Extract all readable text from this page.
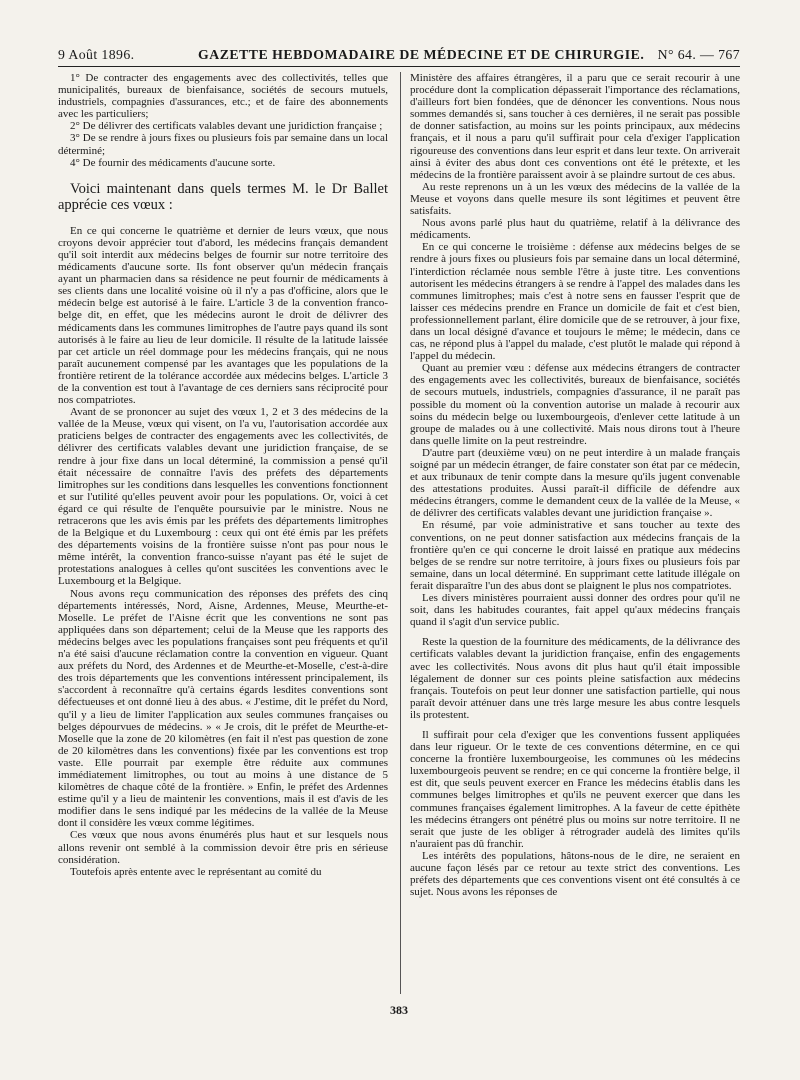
9 Août 1896.	GAZETTE HEBDOMADAIRE DE MÉDECINE ET DE CHIRURGIE. N° 64. — 767

1° De contracter des engagements avec des collectivités, telles que municipalités, bureaux de bienfaisance, sociétés de secours mutuels, industriels, compagnies d'assurances, etc.; et de faire des abonnements avec les particuliers;

2° De délivrer des certificats valables devant une juridiction française ;

3° De se rendre à jours fixes ou plusieurs fois par semaine dans un local déterminé;

4° De fournir des médicaments d'aucune sorte.

Voici maintenant dans quels termes M. le Dr Ballet apprécie ces vœux :

En ce qui concerne le quatrième et dernier de leurs vœux, que nous croyons devoir apprécier tout d'abord, les médecins français demandent qu'il soit interdit aux médecins belges de fournir sur notre territoire des médicaments d'aucune sorte. Ils font observer qu'un médecin français ayant un pharmacien dans sa résidence ne peut fournir de médicaments à ses clients dans une localité voisine où il n'y a pas d'officine, alors que le médecin belge est autorisé à le faire. L'article 3 de la convention franco-belge dit, en effet, que les médecins auront le droit de délivrer des médicaments dans les communes limitrophes de l'autre pays quand ils sont autorisés à le faire au lieu de leur domicile. Il résulte de la latitude laissée par cet article un réel dommage pour les médecins français, qui ne nous paraît aucunement compensé par les avantages que les populations de la frontière retirent de la tolérance accordée aux médecins belges. L'article 3 de la convention est tout à l'avantage de ces derniers sans réciprocité pour nos compatriotes.

Avant de se prononcer au sujet des vœux 1, 2 et 3 des médecins de la vallée de la Meuse, vœux qui visent, on l'a vu, l'autorisation accordée aux praticiens belges de contracter des engagements avec les collectivités, de délivrer des certificats valables devant une juridiction française, de se rendre à jour fixe dans un local déterminé, la commission a pensé qu'il était nécessaire de connaître l'avis des préfets des départements limitrophes sur les conditions dans lesquelles les conventions fonctionnent et sur l'utilité qu'elles peuvent avoir pour les populations. Or, voici à cet égard ce qui résulte de l'enquête poursuivie par le ministre. Nous ne retracerons que les avis émis par les préfets des départements limitrophes de la Belgique et du Luxembourg : ceux qui ont été émis par les préfets des départements voisins de la frontière suisse n'ont pas pour nous le même intérêt, la convention franco-suisse n'ayant pas été le sujet de protestations analogues à celles qu'ont suscitées les conventions avec le Luxembourg et la Belgique.

Nous avons reçu communication des réponses des préfets des cinq départements intéressés, Nord, Aisne, Ardennes, Meuse, Meurthe-et-Moselle. Le préfet de l'Aisne écrit que les conventions ne sont pas appliquées dans son département; celui de la Meuse que les rapports des médecins belges avec les populations françaises sont peu fréquents et qu'il n'a été saisi d'aucune réclamation contre la convention en vigueur. Quant aux préfets du Nord, des Ardennes et de Meurthe-et-Moselle, c'est-à-dire des trois départements que les conventions intéressent principalement, ils s'accordent à reconnaître qu'à certains égards lesdites conventions sont défectueuses et ont donné lieu à des abus. « J'estime, dit le préfet du Nord, qu'il y a lieu de limiter l'application aux seules communes françaises ou belges dépourvues de médecins. » « Je crois, dit le préfet de Meurthe-et-Moselle que la zone de 20 kilomètres (en fait il n'est pas question de zone de 20 kilomètres dans les conventions) fixée par les conventions est trop vaste. Elle pourrait par exemple être réduite aux communes immédiatement limitrophes, ou tout au moins à une distance de 5 kilomètres de chaque côté de la frontière. » Enfin, le préfet des Ardennes estime qu'il y a lieu de maintenir les conventions, mais il est d'avis de les modifier dans le sens indiqué par les médecins de la vallée de la Meuse dont il considère les vœux comme légitimes.

Ces vœux que nous avons énumérés plus haut et sur lesquels nous allons revenir ont semblé à la commission devoir être pris en sérieuse considération.

Toutefois après entente avec le représentant au comité du

Ministère des affaires étrangères, il a paru que ce serait recourir à une procédure dont la complication dépasserait l'importance des réclamations, d'ailleurs fort bien fondées, que de dénoncer les conventions. Nous nous sommes demandés si, sans toucher à ces dernières, il ne serait pas possible de donner satisfaction, au moins sur les points principaux, aux médecins français, et il nous a paru qu'il suffirait pour cela d'exiger l'application rigoureuse des conventions dans leur esprit et dans leur texte. On arriverait ainsi à éviter des abus dont ces conventions ont été le prétexte, et les médecins de la frontière paraissent avoir à se plaindre surtout de ces abus.

Au reste reprenons un à un les vœux des médecins de la vallée de la Meuse et voyons dans quelle mesure ils sont légitimes et peuvent être satisfaits.

Nous avons parlé plus haut du quatrième, relatif à la délivrance des médicaments.

En ce qui concerne le troisième : défense aux médecins belges de se rendre à jours fixes ou plusieurs fois par semaine dans un local déterminé, l'interdiction réclamée nous semble l'être à juste titre. Les conventions autorisent les médecins étrangers à se rendre à l'appel des malades dans les communes limitrophes; mais c'est à notre sens en fausser l'esprit que de laisser ces médecins prendre en France un domicile de fait et c'est bien, professionnellement parlant, élire domicile que de se retrouver, à jour fixe, dans un local désigné d'avance et toujours le même; le médecin, dans ce cas, ne répond plus à l'appel du malade, c'est plutôt le malade qui répond à l'appel du médecin.

Quant au premier vœu : défense aux médecins étrangers de contracter des engagements avec les collectivités, bureaux de bienfaisance, sociétés de secours mutuels, industriels, compagnies d'assurance, il ne paraît pas possible du moment où la convention autorise un malade à recourir aux soins du médecin belge ou luxembourgeois, d'enlever cette latitude à un groupe de malades ou à une collectivité. Mais nous dirons tout à l'heure dans quelle limite on la peut restreindre.

D'autre part (deuxième vœu) on ne peut interdire à un malade français soigné par un médecin étranger, de faire constater son état par ce médecin, et aux tribunaux de tenir compte dans la mesure qu'ils jugent convenable des attestations produites. Aussi paraît-il difficile de défendre aux médecins étrangers, comme le demandent ceux de la vallée de la Meuse, « de délivrer des certificats valables devant une juridiction française ».

En résumé, par voie administrative et sans toucher au texte des conventions, on ne peut donner satisfaction aux médecins français de la frontière qu'en ce qui concerne le droit laissé en pratique aux médecins belges de se rendre sur notre territoire, à jours fixes ou plusieurs fois par semaine, dans un local déterminé. En supprimant cette latitude illégale on ferait disparaître l'un des abus dont se plaignent le plus nos compatriotes.

Les divers ministères pourraient aussi donner des ordres pour qu'il ne soit, dans les habitudes courantes, fait appel qu'aux médecins français quand il s'agit d'un service public.

Reste la question de la fourniture des médicaments, de la délivrance des certificats valables devant la juridiction française, enfin des engagements avec les collectivités. Nous avons dit plus haut qu'il était impossible légalement de donner sur ces points pleine satisfaction aux médecins français. Toutefois on peut leur donner une satisfaction partielle, qui nous paraît devoir atténuer dans une très large mesure les abus contre lesquels ils protestent.

Il suffirait pour cela d'exiger que les conventions fussent appliquées dans leur rigueur. Or le texte de ces conventions détermine, en ce qui concerne la frontière luxembourgeoise, les communes où les médecins luxembourgeois peuvent se rendre; en ce qui concerne la frontière belge, il est dit, que seuls peuvent exercer en France les médecins établis dans les communes belges limitrophes et qu'ils ne peuvent exercer que dans les communes françaises également limitrophes. A la faveur de cette épithète les médecins étrangers ont pénétré plus ou moins sur notre territoire. Il ne serait que juste de les obliger à rétrograder audelà des limites qu'ils n'auraient pas dû franchir.

Les intérêts des populations, hâtons-nous de le dire, ne seraient en aucune façon lésés par ce retour au texte strict des conventions. Les préfets des départements que ces conventions visent ont été consultés à ce sujet. Nous avons les réponses de

383
